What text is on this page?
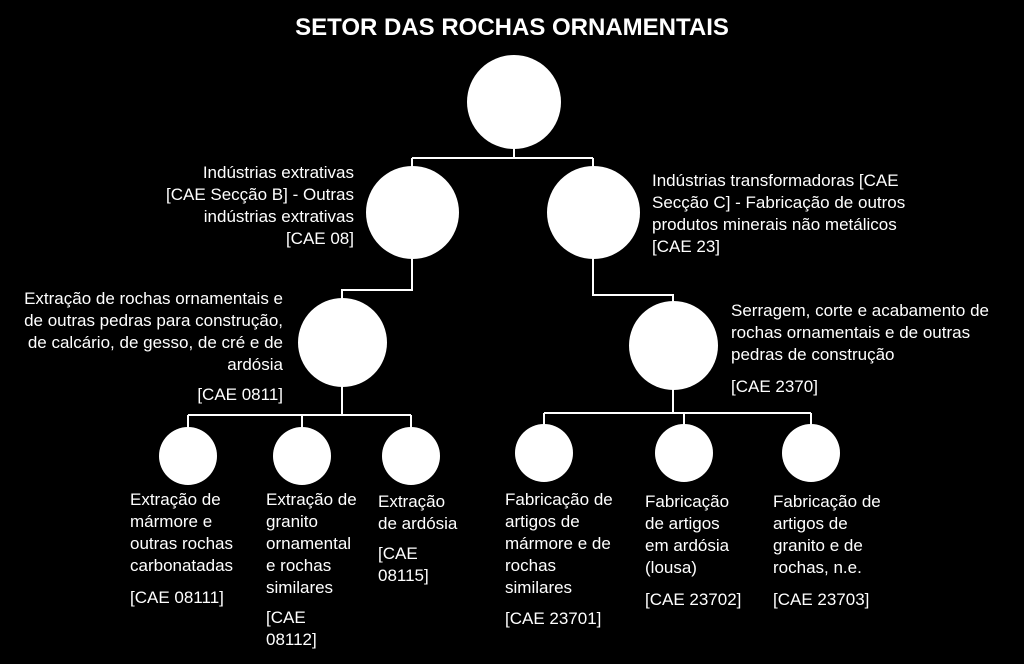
SETOR DAS ROCHAS ORNAMENTAIS
Indústrias extrativas
[CAE Secção B] - Outras
indústrias extrativas
[CAE 08]
Indústrias transformadoras [CAE
Secção C] - Fabricação de outros
produtos minerais não metálicos
[CAE 23]
Extração de rochas ornamentais e
de outras pedras para construção,
de calcário, de gesso, de cré e de
ardósia
[CAE 0811]
Serragem, corte e acabamento de
rochas ornamentais e de outras
pedras de construção
[CAE 2370]
Extração de
mármore e
outras rochas
carbonatadas
[CAE 08111]
Extração de
granito
ornamental
e rochas
similares
[CAE
08112]
Extração
de ardósia
[CAE
08115]
Fabricação de
artigos de
mármore e de
rochas
similares
[CAE 23701]
Fabricação
de artigos
em ardósia
(lousa)
[CAE 23702]
Fabricação de
artigos de
granito e de
rochas, n.e.
[CAE 23703]
